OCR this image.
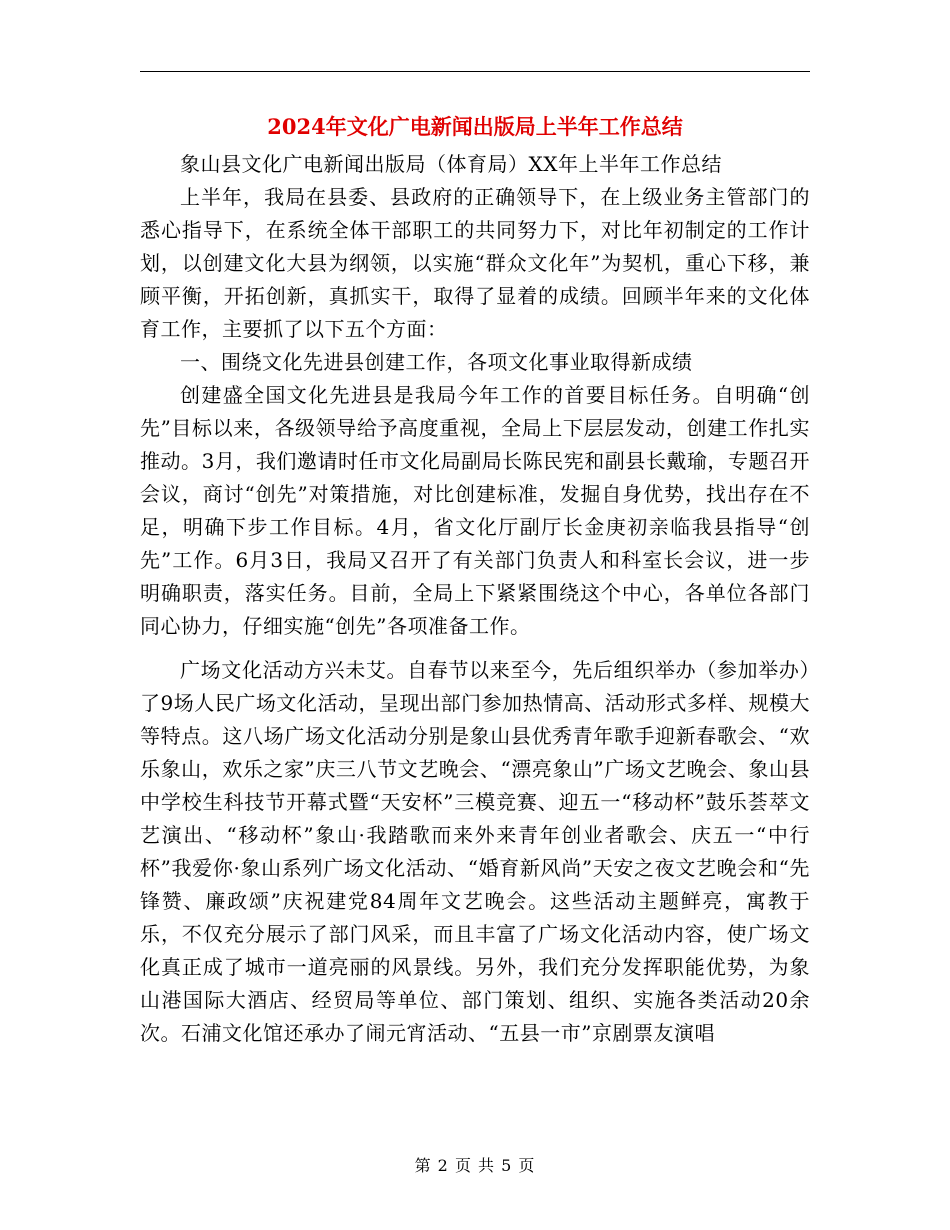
2024年文化广电新闻出版局上半年工作总结

象山县文化广电新闻出版局（体育局）XX年上半年工作总结

上半年，我局在县委、县政府的正确领导下，在上级业务主管部门的悉心指导下，在系统全体干部职工的共同努力下，对比年初制定的工作计划，以创建文化大县为纲领，以实施“群众文化年”为契机，重心下移，兼顾平衡，开拓创新，真抓实干，取得了显着的成绩。回顾半年来的文化体育工作，主要抓了以下五个方面：

一、围绕文化先进县创建工作，各项文化事业取得新成绩

创建盛全国文化先进县是我局今年工作的首要目标任务。自明确“创先”目标以来，各级领导给予高度重视，全局上下层层发动，创建工作扎实推动。3月，我们邀请时任市文化局副局长陈民宪和副县长戴瑜，专题召开会议，商讨“创先”对策措施，对比创建标准，发掘自身优势，找出存在不足，明确下步工作目标。4月，省文化厅副厅长金庚初亲临我县指导“创先”工作。6月3日，我局又召开了有关部门负责人和科室长会议，进一步明确职责，落实任务。目前，全局上下紧紧围绕这个中心，各单位各部门同心协力，仔细实施“创先”各项准备工作。

广场文化活动方兴未艾。自春节以来至今，先后组织举办（参加举办）了9场人民广场文化活动，呈现出部门参加热情高、活动形式多样、规模大等特点。这八场广场文化活动分别是象山县优秀青年歌手迎新春歌会、“欢乐象山，欢乐之家”庆三八节文艺晚会、“漂亮象山”广场文艺晚会、象山县中学校生科技节开幕式暨“天安杯”三模竞赛、迎五一“移动杯”鼓乐荟萃文艺演出、“移动杯”象山·我踏歌而来外来青年创业者歌会、庆五一“中行杯”我爱你·象山系列广场文化活动、“婚育新风尚”天安之夜文艺晚会和“先锋赞、廉政颂”庆祝建党84周年文艺晚会。这些活动主题鲜亮，寓教于乐，不仅充分展示了部门风采，而且丰富了广场文化活动内容，使广场文化真正成了城市一道亮丽的风景线。另外，我们充分发挥职能优势，为象山港国际大酒店、经贸局等单位、部门策划、组织、实施各类活动20余次。石浦文化馆还承办了闹元宵活动、“五县一市”京剧票友演唱

第 2 页 共 5 页
